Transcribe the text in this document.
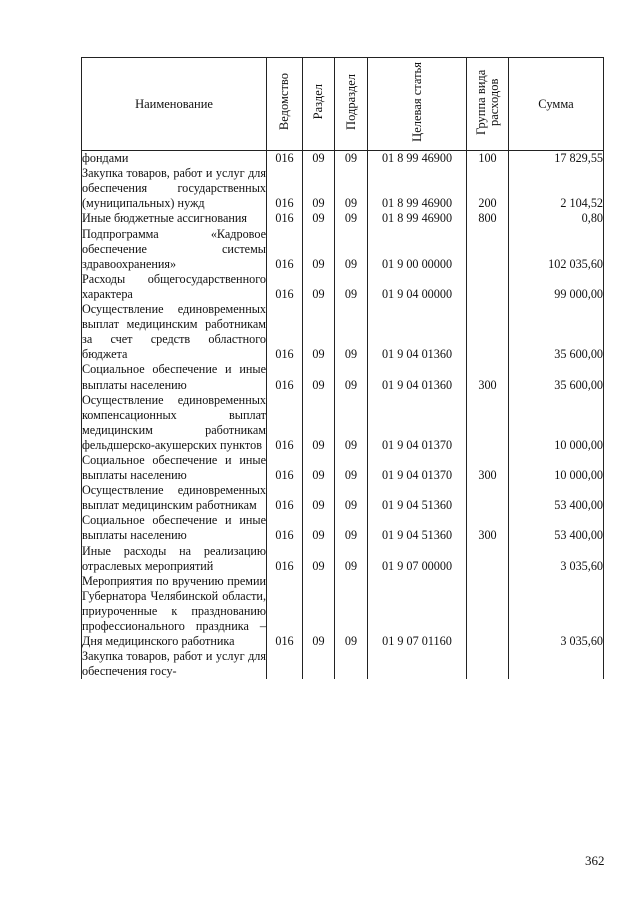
Наименование	Ведомство	Раздел	Подраздел	Целевая статья	Группа вида расходов	Сумма
фондами	016	09	09	01 8 99 46900	100	17 829,55
Закупка товаров, работ и услуг для обеспечения государственных (муниципальных) нужд	016	09	09	01 8 99 46900	200	2 104,52
Иные бюджетные ассигнования	016	09	09	01 8 99 46900	800	0,80
Подпрограмма «Кадровое обеспечение системы здравоохранения»	016	09	09	01 9 00 00000		102 035,60
Расходы общегосударственного характера	016	09	09	01 9 04 00000		99 000,00
Осуществление единовременных выплат медицинским работникам за счет средств областного бюджета	016	09	09	01 9 04 01360		35 600,00
Социальное обеспечение и иные выплаты населению	016	09	09	01 9 04 01360	300	35 600,00
Осуществление единовременных компенсационных выплат медицинским работникам фельдшерско-акушерских пунктов	016	09	09	01 9 04 01370		10 000,00
Социальное обеспечение и иные выплаты населению	016	09	09	01 9 04 01370	300	10 000,00
Осуществление единовременных выплат медицинским работникам	016	09	09	01 9 04 51360		53 400,00
Социальное обеспечение и иные выплаты населению	016	09	09	01 9 04 51360	300	53 400,00
Иные расходы на реализацию отраслевых мероприятий	016	09	09	01 9 07 00000		3 035,60
Мероприятия по вручению премии Губернатора Челябинской области, приуроченные к празднованию профессионального праздника – Дня медицинского работника	016	09	09	01 9 07 01160		3 035,60
Закупка товаров, работ и услуг для обеспечения госу-						
362
